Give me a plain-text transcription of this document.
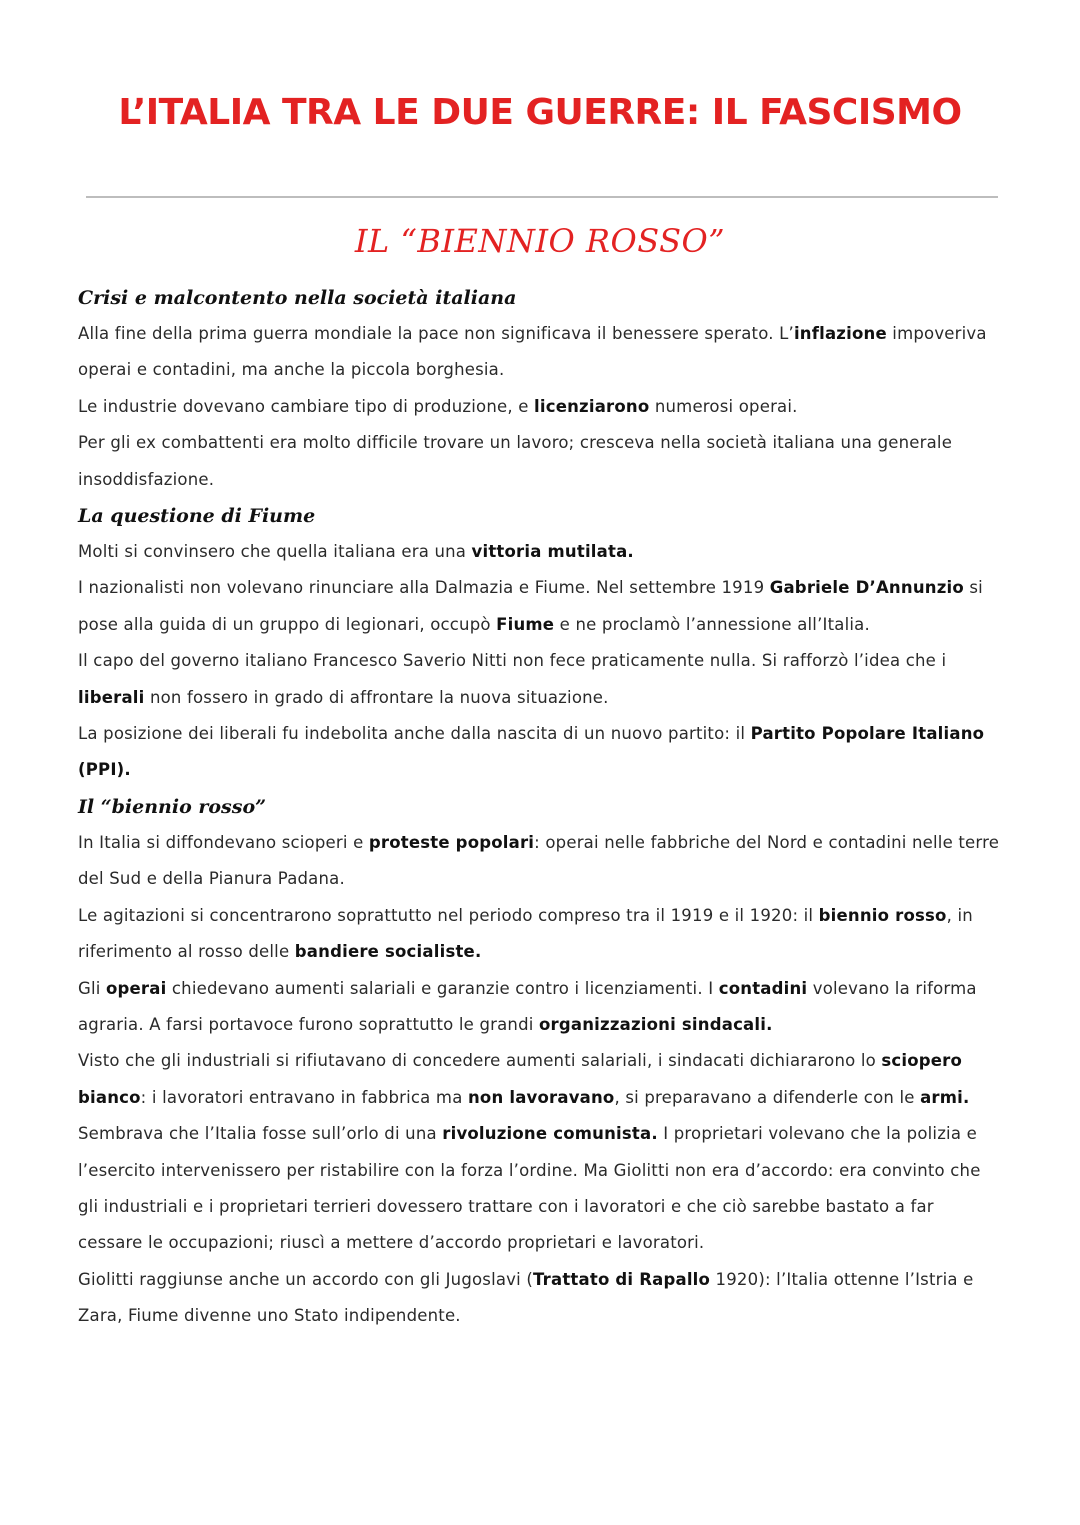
L’ITALIA TRA LE DUE GUERRE: IL FASCISMO
IL “BIENNIO ROSSO”
Crisi e malcontento nella società italiana

Alla fine della prima guerra mondiale la pace non significava il benessere sperato. L’inflazione impoveriva operai e contadini, ma anche la piccola borghesia.

Le industrie dovevano cambiare tipo di produzione, e licenziarono numerosi operai.

Per gli ex combattenti era molto difficile trovare un lavoro; cresceva nella società italiana una generale insoddisfazione.

La questione di Fiume

Molti si convinsero che quella italiana era una vittoria mutilata.

I nazionalisti non volevano rinunciare alla Dalmazia e Fiume. Nel settembre 1919 Gabriele D’Annunzio si pose alla guida di un gruppo di legionari, occupò Fiume e ne proclamò l’annessione all’Italia.

Il capo del governo italiano Francesco Saverio Nitti non fece praticamente nulla. Si rafforzò l’idea che i liberali non fossero in grado di affrontare la nuova situazione.

La posizione dei liberali fu indebolita anche dalla nascita di un nuovo partito: il Partito Popolare Italiano (PPI).

Il “biennio rosso”

In Italia si diffondevano scioperi e proteste popolari: operai nelle fabbriche del Nord e contadini nelle terre del Sud e della Pianura Padana.

Le agitazioni si concentrarono soprattutto nel periodo compreso tra il 1919 e il 1920: il biennio rosso, in riferimento al rosso delle bandiere socialiste.

Gli operai chiedevano aumenti salariali e garanzie contro i licenziamenti. I contadini volevano la riforma agraria. A farsi portavoce furono soprattutto le grandi organizzazioni sindacali.

Visto che gli industriali si rifiutavano di concedere aumenti salariali, i sindacati dichiararono lo sciopero bianco: i lavoratori entravano in fabbrica ma non lavoravano, si preparavano a difenderle con le armi. Sembrava che l’Italia fosse sull’orlo di una rivoluzione comunista. I proprietari volevano che la polizia e l’esercito intervenissero per ristabilire con la forza l’ordine. Ma Giolitti non era d’accordo: era convinto che gli industriali e i proprietari terrieri dovessero trattare con i lavoratori e che ciò sarebbe bastato a far cessare le occupazioni; riuscì a mettere d’accordo proprietari e lavoratori.

Giolitti raggiunse anche un accordo con gli Jugoslavi (Trattato di Rapallo 1920): l’Italia ottenne l’Istria e Zara, Fiume divenne uno Stato indipendente.
